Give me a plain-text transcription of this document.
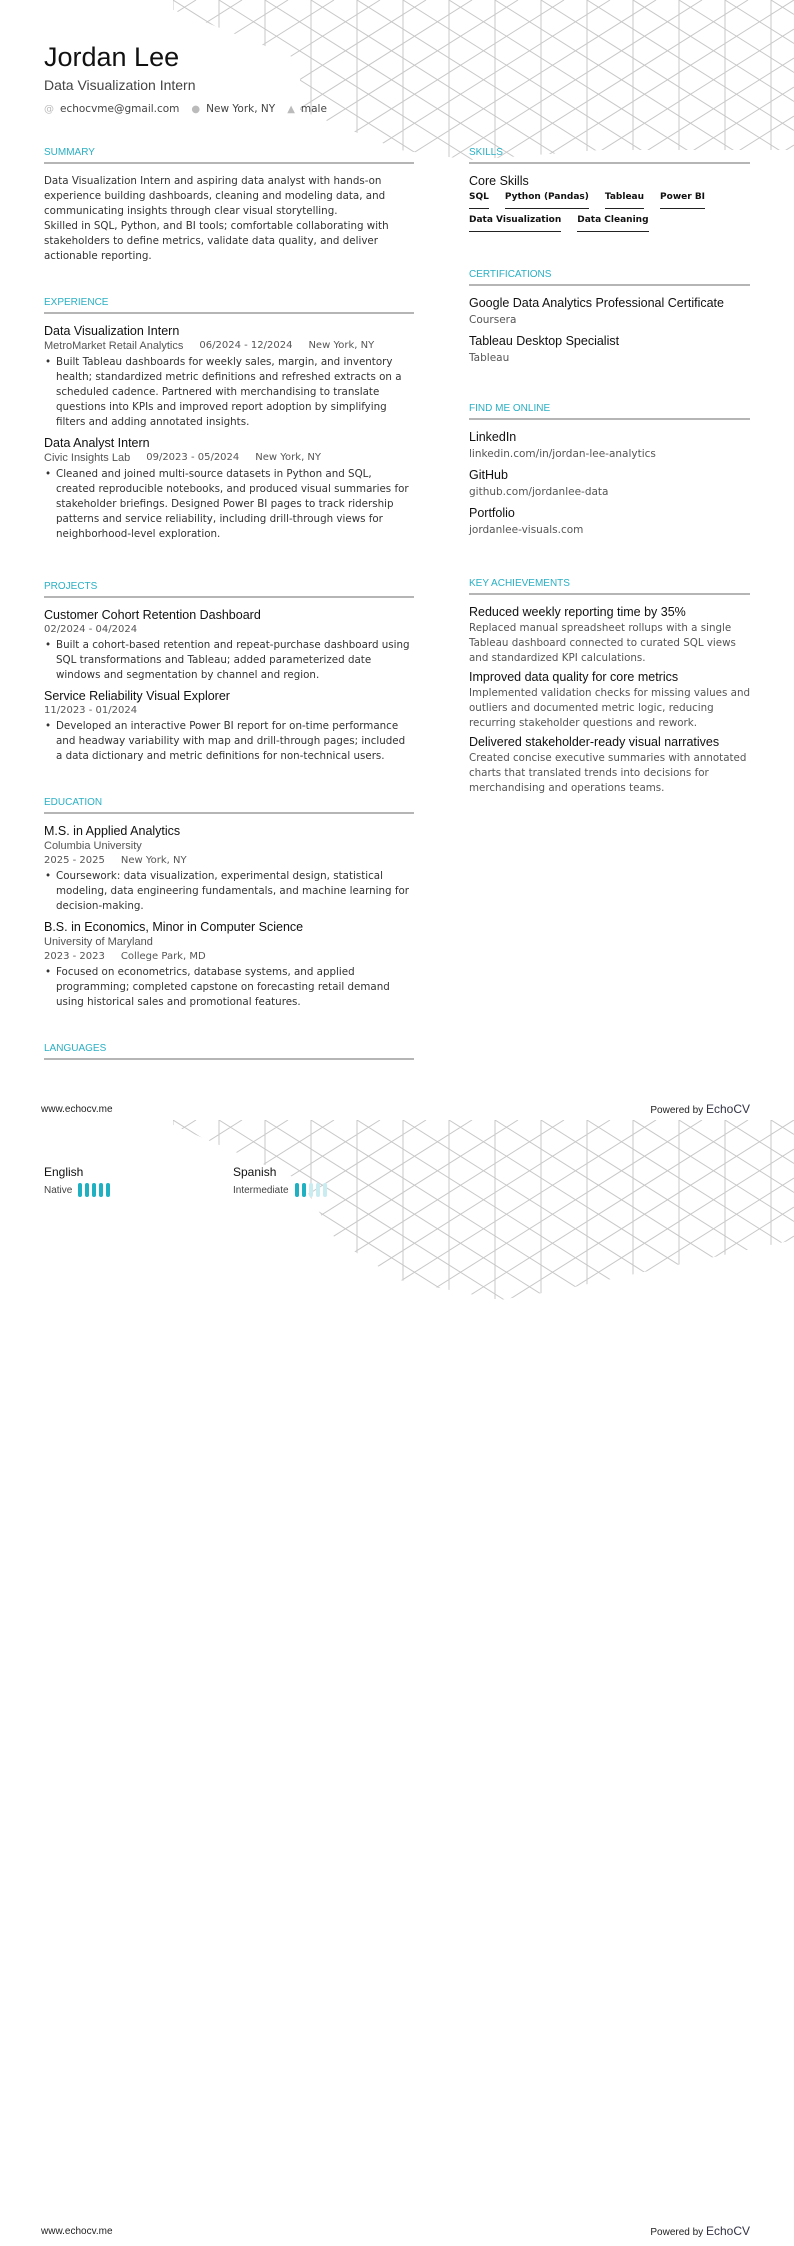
Jordan Lee
Data Visualization Intern
@ echocvme@gmail.com ● New York, NY ▲ male
SUMMARY
Data Visualization Intern and aspiring data analyst with hands-on experience building dashboards, cleaning and modeling data, and communicating insights through clear visual storytelling.
Skilled in SQL, Python, and BI tools; comfortable collaborating with stakeholders to define metrics, validate data quality, and deliver actionable reporting.
EXPERIENCE
Data Visualization Intern
MetroMarket Retail Analytics 06/2024 - 12/2024 New York, NY
• Built Tableau dashboards for weekly sales, margin, and inventory health; standardized metric definitions and refreshed extracts on a scheduled cadence. Partnered with merchandising to translate questions into KPIs and improved report adoption by simplifying filters and adding annotated insights.
Data Analyst Intern
Civic Insights Lab 09/2023 - 05/2024 New York, NY
• Cleaned and joined multi-source datasets in Python and SQL, created reproducible notebooks, and produced visual summaries for stakeholder briefings. Designed Power BI pages to track ridership patterns and service reliability, including drill-through views for neighborhood-level exploration.
PROJECTS
Customer Cohort Retention Dashboard
02/2024 - 04/2024
• Built a cohort-based retention and repeat-purchase dashboard using SQL transformations and Tableau; added parameterized date windows and segmentation by channel and region.
Service Reliability Visual Explorer
11/2023 - 01/2024
• Developed an interactive Power BI report for on-time performance and headway variability with map and drill-through pages; included a data dictionary and metric definitions for non-technical users.
EDUCATION
M.S. in Applied Analytics
Columbia University
2025 - 2025 New York, NY
• Coursework: data visualization, experimental design, statistical modeling, data engineering fundamentals, and machine learning for decision-making.
B.S. in Economics, Minor in Computer Science
University of Maryland
2023 - 2023 College Park, MD
• Focused on econometrics, database systems, and applied programming; completed capstone on forecasting retail demand using historical sales and promotional features.
LANGUAGES
SKILLS
Core Skills
SQL Python (Pandas) Tableau Power BI
Data Visualization Data Cleaning
CERTIFICATIONS
Google Data Analytics Professional Certificate
Coursera
Tableau Desktop Specialist
Tableau
FIND ME ONLINE
LinkedIn
linkedin.com/in/jordan-lee-analytics
GitHub
github.com/jordanlee-data
Portfolio
jordanlee-visuals.com
KEY ACHIEVEMENTS
Reduced weekly reporting time by 35%
Replaced manual spreadsheet rollups with a single Tableau dashboard connected to curated SQL views and standardized KPI calculations.
Improved data quality for core metrics
Implemented validation checks for missing values and outliers and documented metric logic, reducing recurring stakeholder questions and rework.
Delivered stakeholder-ready visual narratives
Created concise executive summaries with annotated charts that translated trends into decisions for merchandising and operations teams.
www.echocv.me	Powered by EchoCV
English
Native
Spanish
Intermediate
www.echocv.me	Powered by EchoCV
